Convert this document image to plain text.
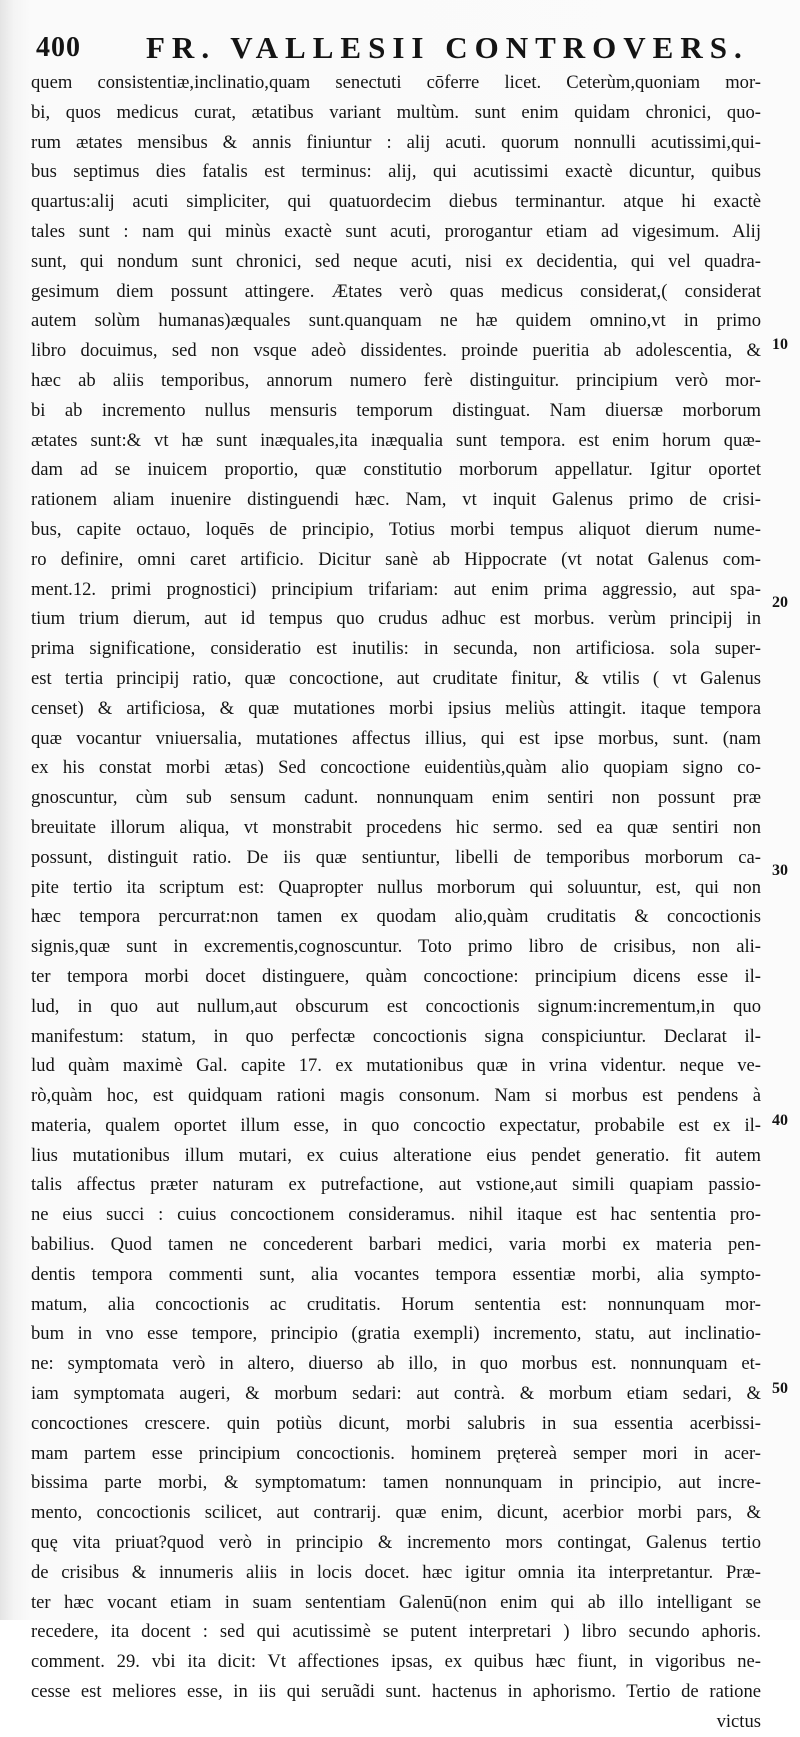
400 FR. VALLESII CONTROVERS.
quem consistentiæ,inclinatio,quam senectuti cōferre licet. Ceterùm,quoniam mor-
bi, quos medicus curat, ætatibus variant multùm. sunt enim quidam chronici, quo-
rum ætates mensibus & annis finiuntur : alij acuti. quorum nonnulli acutissimi,qui-
bus septimus dies fatalis est terminus: alij, qui acutissimi exactè dicuntur, quibus
quartus:alij acuti simpliciter, qui quatuordecim diebus terminantur. atque hi exactè
tales sunt : nam qui minùs exactè sunt acuti, prorogantur etiam ad vigesimum. Alij
sunt, qui nondum sunt chronici, sed neque acuti, nisi ex decidentia, qui vel quadra-
gesimum diem possunt attingere. Ætates verò quas medicus considerat,( considerat
autem solùm humanas)æquales sunt.quanquam ne hæ quidem omnino,vt in primo
libro docuimus, sed non vsque adeò dissidentes. proinde pueritia ab adolescentia, &
hæc ab aliis temporibus, annorum numero ferè distinguitur. principium verò mor-
bi ab incremento nullus mensuris temporum distinguat. Nam diuersæ morborum
ætates sunt:& vt hæ sunt inæquales,ita inæqualia sunt tempora. est enim horum quæ-
dam ad se inuicem proportio, quæ constitutio morborum appellatur. Igitur oportet
rationem aliam inuenire distinguendi hæc. Nam, vt inquit Galenus primo de crisi-
bus, capite octauo, loquēs de principio, Totius morbi tempus aliquot dierum nume-
ro definire, omni caret artificio. Dicitur sanè ab Hippocrate (vt notat Galenus com-
ment.12. primi prognostici) principium trifariam: aut enim prima aggressio, aut spa-
tium trium dierum, aut id tempus quo crudus adhuc est morbus. verùm principij in
prima significatione, consideratio est inutilis: in secunda, non artificiosa. sola super-
est tertia principij ratio, quæ concoctione, aut cruditate finitur, & vtilis ( vt Galenus
censet) & artificiosa, & quæ mutationes morbi ipsius meliùs attingit. itaque tempora
quæ vocantur vniuersalia, mutationes affectus illius, qui est ipse morbus, sunt. (nam
ex his constat morbi ætas) Sed concoctione euidentiùs,quàm alio quopiam signo co-
gnoscuntur, cùm sub sensum cadunt. nonnunquam enim sentiri non possunt præ
breuitate illorum aliqua, vt monstrabit procedens hic sermo. sed ea quæ sentiri non
possunt, distinguit ratio. De iis quæ sentiuntur, libelli de temporibus morborum ca-
pite tertio ita scriptum est: Quapropter nullus morborum qui soluuntur, est, qui non
hæc tempora percurrat:non tamen ex quodam alio,quàm cruditatis & concoctionis
signis,quæ sunt in excrementis,cognoscuntur. Toto primo libro de crisibus, non ali-
ter tempora morbi docet distinguere, quàm concoctione: principium dicens esse il-
lud, in quo aut nullum,aut obscurum est concoctionis signum:incrementum,in quo
manifestum: statum, in quo perfectæ concoctionis signa conspiciuntur. Declarat il-
lud quàm maximè Gal. capite 17. ex mutationibus quæ in vrina videntur. neque ve-
rò,quàm hoc, est quidquam rationi magis consonum. Nam si morbus est pendens à
materia, qualem oportet illum esse, in quo concoctio expectatur, probabile est ex il-
lius mutationibus illum mutari, ex cuius alteratione eius pendet generatio. fit autem
talis affectus præter naturam ex putrefactione, aut vstione,aut simili quapiam passio-
ne eius succi : cuius concoctionem consideramus. nihil itaque est hac sententia pro-
babilius. Quod tamen ne concederent barbari medici, varia morbi ex materia pen-
dentis tempora commenti sunt, alia vocantes tempora essentiæ morbi, alia sympto-
matum, alia concoctionis ac cruditatis. Horum sententia est: nonnunquam mor-
bum in vno esse tempore, principio (gratia exempli) incremento, statu, aut inclinatio-
ne: symptomata verò in altero, diuerso ab illo, in quo morbus est. nonnunquam et-
iam symptomata augeri, & morbum sedari: aut contrà. & morbum etiam sedari, &
concoctiones crescere. quin potiùs dicunt, morbi salubris in sua essentia acerbissi-
mam partem esse principium concoctionis. hominem prętereà semper mori in acer-
bissima parte morbi, & symptomatum: tamen nonnunquam in principio, aut incre-
mento, concoctionis scilicet, aut contrarij. quæ enim, dicunt, acerbior morbi pars, &
quę vita priuat?quod verò in principio & incremento mors contingat, Galenus tertio
de crisibus & innumeris aliis in locis docet. hæc igitur omnia ita interpretantur. Præ-
ter hæc vocant etiam in suam sententiam Galenū(non enim qui ab illo intelligant se
recedere, ita docent : sed qui acutissimè se putent interpretari ) libro secundo aphoris.
comment. 29. vbi ita dicit: Vt affectiones ipsas, ex quibus hæc fiunt, in vigoribus ne-
cesse est meliores esse, in iis qui seruãdi sunt. hactenus in aphorismo. Tertio de ratione
victus
10
20
30
40
50
